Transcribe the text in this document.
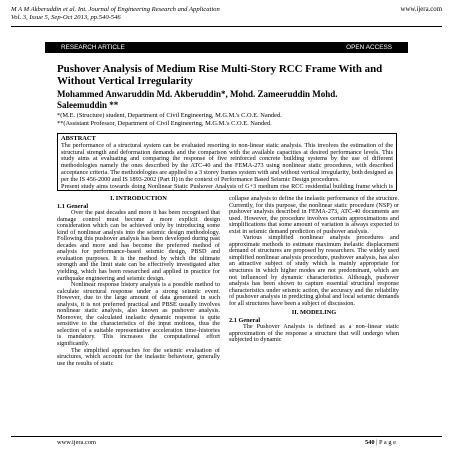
M A M Akberuddin et al. Int. Journal of Engineering Research and Application
Vol. 3, Issue 5, Sep-Oct 2013, pp.540-546
www.ijera.com
RESEARCH ARTICLE	OPEN ACCESS
Pushover Analysis of Medium Rise Multi-Story RCC Frame With and Without Vertical Irregularity
Mohammed Anwaruddin Md. Akberuddin*, Mohd. Zameeruddin Mohd. Saleemuddin **
*(M.E. (Structure) student, Department of Civil Engineering, M.G.M.'s C.O.E. Nanded.
**(Assistant Professor, Department of Civil Engineering, M.G.M.'s C.O.E. Nanded.
ABSTRACT
The performance of a structural system can be evaluated resorting to non-linear static analysis. This involves the estimation of the structural strength and deformation demands and the comparison with the available capacities at desired performance levels. This study aims at evaluating and comparing the response of five reinforced concrete building systems by the use of different methodologies namely the ones described by the ATC-40 and the FEMA-273 using nonlinear static procedures, with described acceptance criteria. The methodologies are applied to a 3 storey frames system with and without vertical irregularity, both designed as per the IS 456-2000 and IS 1893-2002 (Part II) in the context of Performance Based Seismic Design procedures.
Present study aims towards doing Nonlinear Static Pushover Analysis of G+3 medium rise RCC residential building frame which is
I. INTRODUCTION
1.1 General
Over the past decades and more it has been recognised that damage control must become a more explicit design consideration which can be achieved only by introducing some kind of nonlinear analysis into the seismic design methodology. Following this pushover analysis has been developed during past decades and more and has become the preferred method of analysis for performance-based seismic design, PBSD and evaluation purposes. It is the method by which the ultimate strength and the limit state can be effectively investigated after yielding, which has been researched and applied in practice for earthquake engineering and seismic design.
Nonlinear response history analysis is a possible method to calculate structural response under a strong seismic event. However, due to the large amount of data generated in such analysis, it is not preferred practical and PBSE usually involves nonlinear static analysis, also known as pushover analysis. Moreover, the calculated inelastic dynamic response is quite sensitive to the characteristics of the input motions, thus the selection of a suitable representative acceleration time–histories is mandatory. This increases the computational effort significantly.
The simplified approaches for the seismic evaluation of structures, which account for the inelastic behaviour, generally use the results of static
collapse analysis to define the inelastic performance of the structure. Currently, for this purpose, the nonlinear static procedure (NSP) or pushover analysis described in FEMA-273, ATC-40 documents are used. However, the procedure involves certain approximations and simplifications that some amount of variation is always expected to exist in seismic demand prediction of pushover analysis.
Various simplified nonlinear analysis procedures and approximate methods to estimate maximum inelastic displacement demand of structures are proposed by researchers. The widely used simplified nonlinear analysis procedure, pushover analysis, has also an attractive subject of study which is mainly appropriate for structures in which higher modes are not predominant, which are not influenced by dynamic characteristics. Although, pushover analysis has been shown to capture essential structural response characteristics under seismic action, the accuracy and the reliability of pushover analysis in predicting global and local seismic demands for all structures have been a subject of discussion.
II. MODELING
2.1 General
The Pushover Analysis is defined as a non–linear static approximation of the response a structure that will undergo when subjected to dynamic
www.ijera.com	540 | P a g e
